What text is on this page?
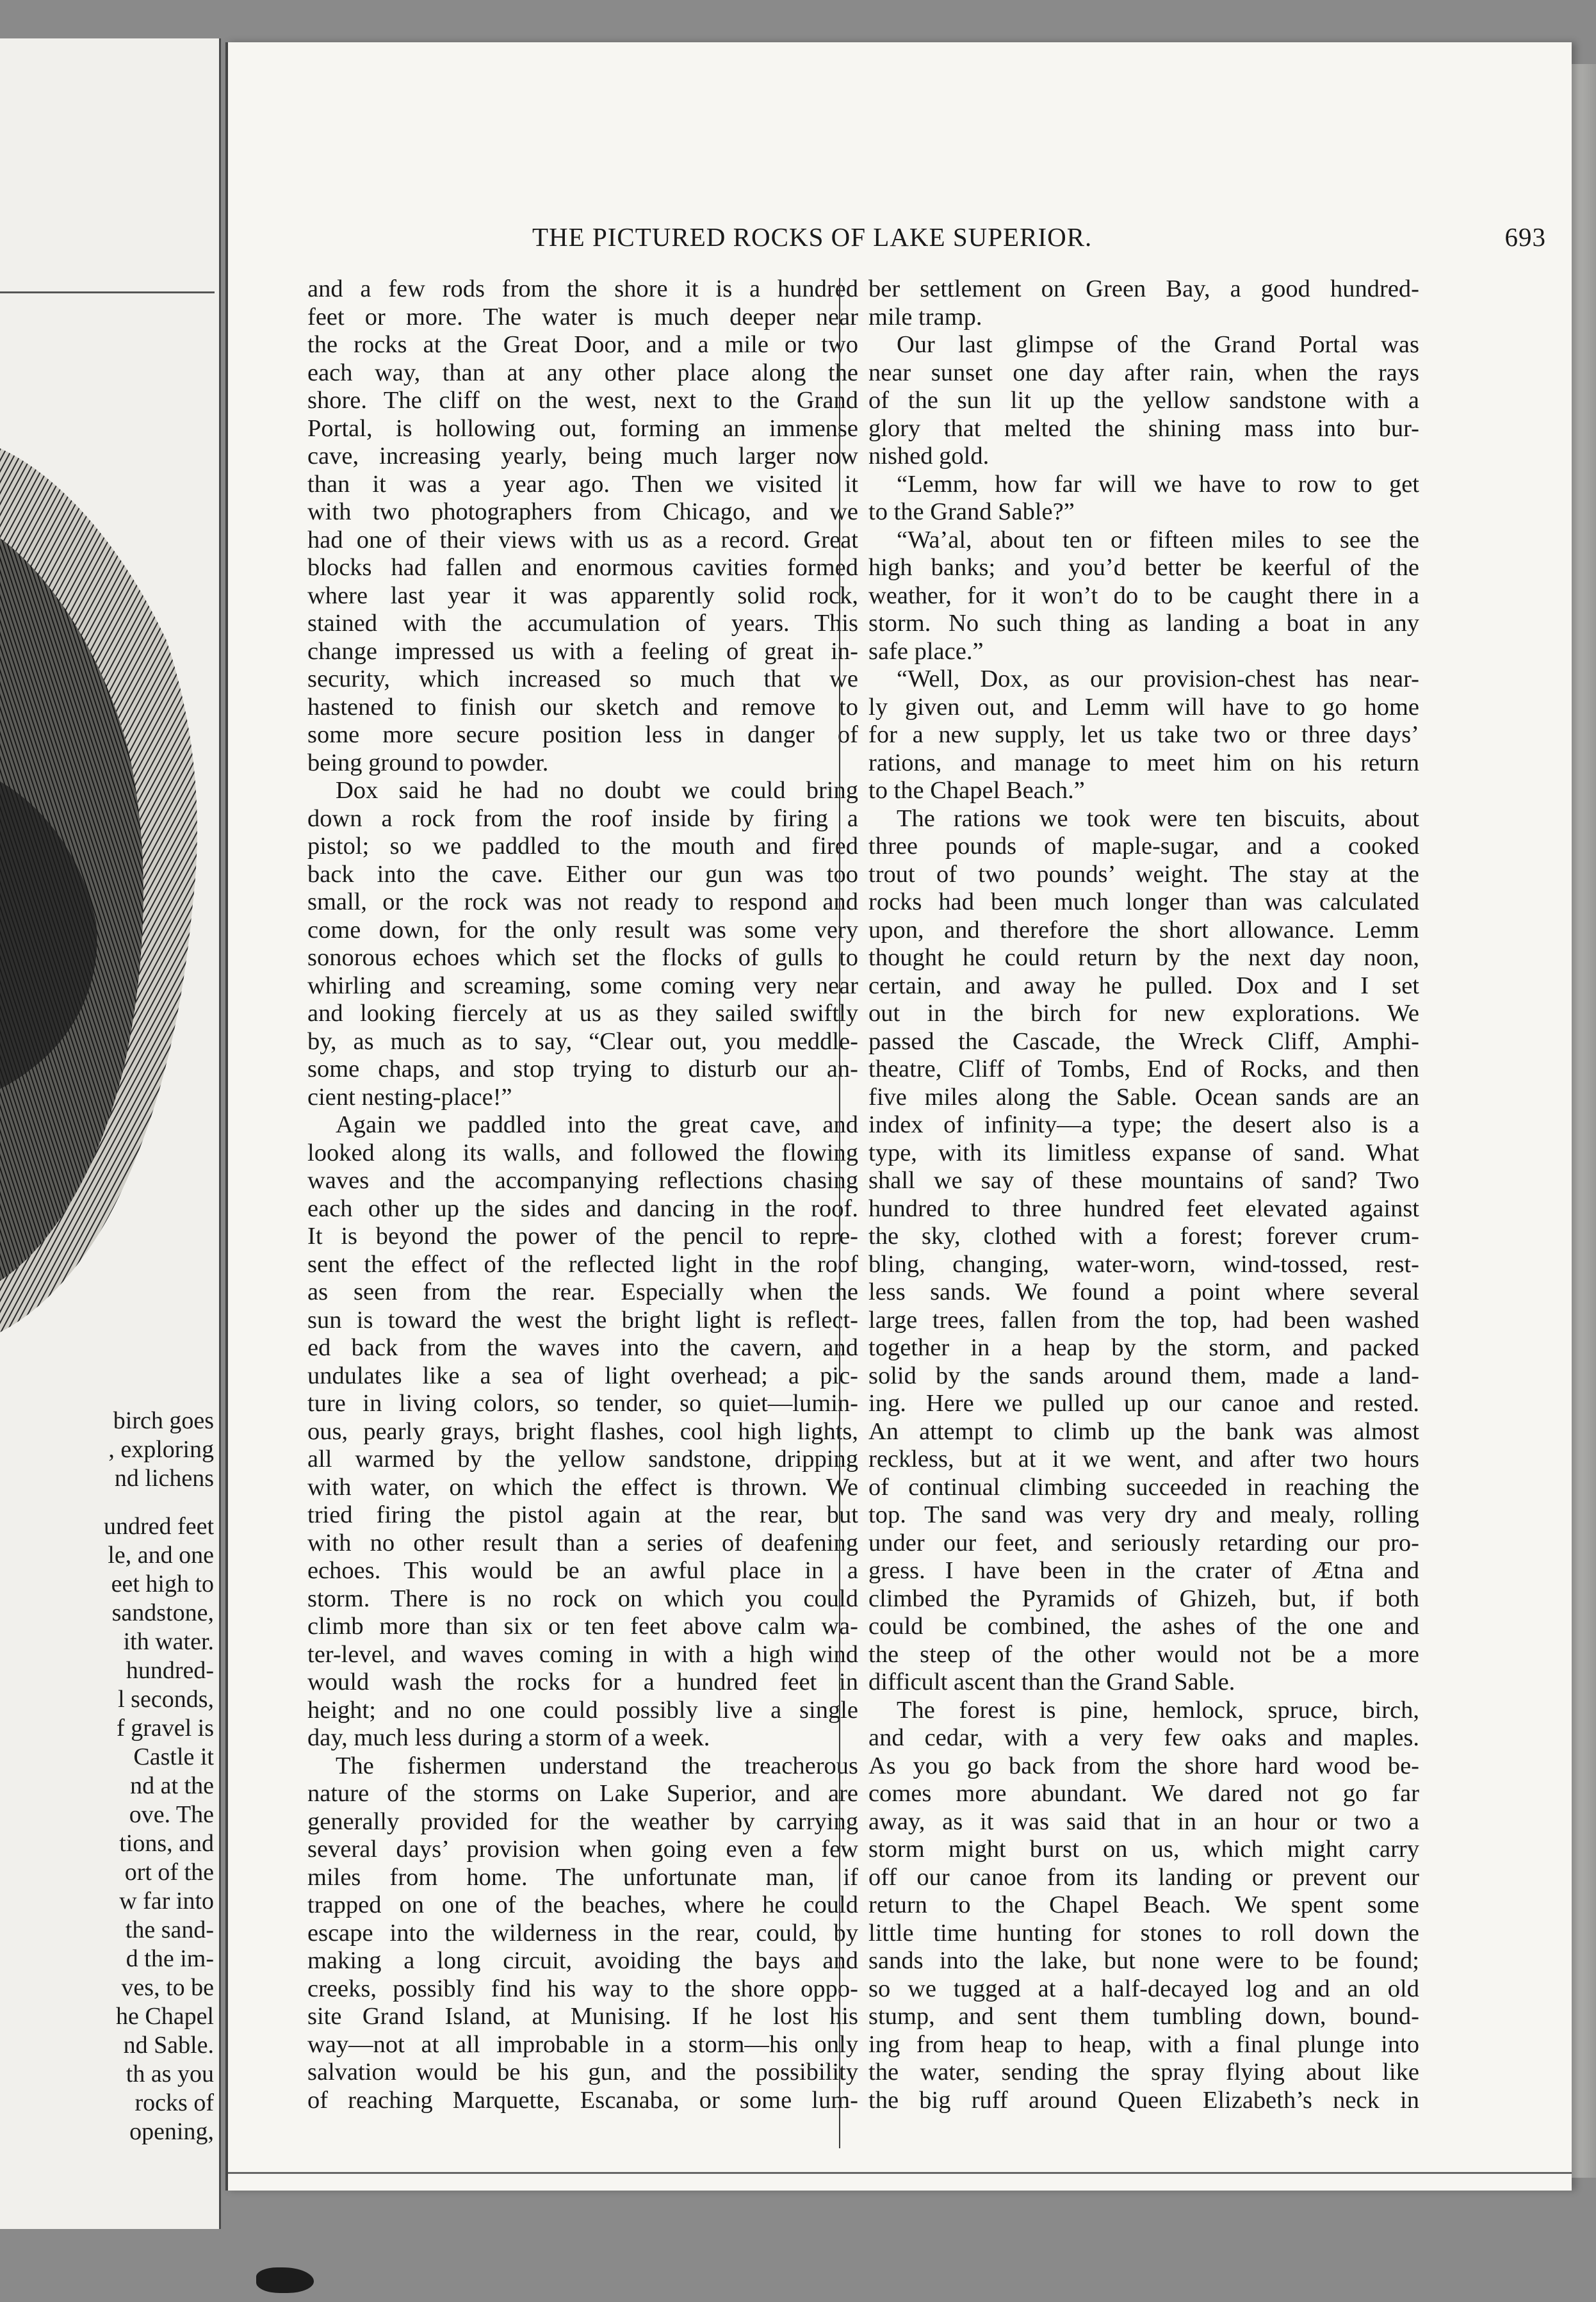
birch goes
, exploring
nd lichens
undred feet
le, and one
eet high to
sandstone,
ith water.
hundred-
l seconds,
f gravel is
Castle it
nd at the
ove. The
tions, and
ort of the
w far into
the sand-
d the im-
ves, to be
he Chapel
nd Sable.
th as you
rocks of
opening,
THE PICTURED ROCKS OF LAKE SUPERIOR.	693
and a few rods from the shore it is a hundred
feet or more. The water is much deeper near
the rocks at the Great Door, and a mile or two
each way, than at any other place along the
shore. The cliff on the west, next to the Grand
Portal, is hollowing out, forming an immense
cave, increasing yearly, being much larger now
than it was a year ago. Then we visited it
with two photographers from Chicago, and we
had one of their views with us as a record. Great
blocks had fallen and enormous cavities formed
where last year it was apparently solid rock,
stained with the accumulation of years. This
change impressed us with a feeling of great in-
security, which increased so much that we
hastened to finish our sketch and remove to
some more secure position less in danger of
being ground to powder.
Dox said he had no doubt we could bring
down a rock from the roof inside by firing a
pistol; so we paddled to the mouth and fired
back into the cave. Either our gun was too
small, or the rock was not ready to respond and
come down, for the only result was some very
sonorous echoes which set the flocks of gulls to
whirling and screaming, some coming very near
and looking fiercely at us as they sailed swiftly
by, as much as to say, “Clear out, you meddle-
some chaps, and stop trying to disturb our an-
cient nesting-place!”
Again we paddled into the great cave, and
looked along its walls, and followed the flowing
waves and the accompanying reflections chasing
each other up the sides and dancing in the roof.
It is beyond the power of the pencil to repre-
sent the effect of the reflected light in the roof
as seen from the rear. Especially when the
sun is toward the west the bright light is reflect-
ed back from the waves into the cavern, and
undulates like a sea of light overhead; a pic-
ture in living colors, so tender, so quiet—lumin-
ous, pearly grays, bright flashes, cool high lights,
all warmed by the yellow sandstone, dripping
with water, on which the effect is thrown. We
tried firing the pistol again at the rear, but
with no other result than a series of deafening
echoes. This would be an awful place in a
storm. There is no rock on which you could
climb more than six or ten feet above calm wa-
ter-level, and waves coming in with a high wind
would wash the rocks for a hundred feet in
height; and no one could possibly live a single
day, much less during a storm of a week.
The fishermen understand the treacherous
nature of the storms on Lake Superior, and are
generally provided for the weather by carrying
several days’ provision when going even a few
miles from home. The unfortunate man, if
trapped on one of the beaches, where he could
escape into the wilderness in the rear, could, by
making a long circuit, avoiding the bays and
creeks, possibly find his way to the shore oppo-
site Grand Island, at Munising. If he lost his
way—not at all improbable in a storm—his only
salvation would be his gun, and the possibility
of reaching Marquette, Escanaba, or some lum-
ber settlement on Green Bay, a good hundred-
mile tramp.
Our last glimpse of the Grand Portal was
near sunset one day after rain, when the rays
of the sun lit up the yellow sandstone with a
glory that melted the shining mass into bur-
nished gold.
“Lemm, how far will we have to row to get
to the Grand Sable?”
“Wa’al, about ten or fifteen miles to see the
high banks; and you’d better be keerful of the
weather, for it won’t do to be caught there in a
storm. No such thing as landing a boat in any
safe place.”
“Well, Dox, as our provision-chest has near-
ly given out, and Lemm will have to go home
for a new supply, let us take two or three days’
rations, and manage to meet him on his return
to the Chapel Beach.”
The rations we took were ten biscuits, about
three pounds of maple-sugar, and a cooked
trout of two pounds’ weight. The stay at the
rocks had been much longer than was calculated
upon, and therefore the short allowance. Lemm
thought he could return by the next day noon,
certain, and away he pulled. Dox and I set
out in the birch for new explorations. We
passed the Cascade, the Wreck Cliff, Amphi-
theatre, Cliff of Tombs, End of Rocks, and then
five miles along the Sable. Ocean sands are an
index of infinity—a type; the desert also is a
type, with its limitless expanse of sand. What
shall we say of these mountains of sand? Two
hundred to three hundred feet elevated against
the sky, clothed with a forest; forever crum-
bling, changing, water-worn, wind-tossed, rest-
less sands. We found a point where several
large trees, fallen from the top, had been washed
together in a heap by the storm, and packed
solid by the sands around them, made a land-
ing. Here we pulled up our canoe and rested.
An attempt to climb up the bank was almost
reckless, but at it we went, and after two hours
of continual climbing succeeded in reaching the
top. The sand was very dry and mealy, rolling
under our feet, and seriously retarding our pro-
gress. I have been in the crater of Ætna and
climbed the Pyramids of Ghizeh, but, if both
could be combined, the ashes of the one and
the steep of the other would not be a more
difficult ascent than the Grand Sable.
The forest is pine, hemlock, spruce, birch,
and cedar, with a very few oaks and maples.
As you go back from the shore hard wood be-
comes more abundant. We dared not go far
away, as it was said that in an hour or two a
storm might burst on us, which might carry
off our canoe from its landing or prevent our
return to the Chapel Beach. We spent some
little time hunting for stones to roll down the
sands into the lake, but none were to be found;
so we tugged at a half-decayed log and an old
stump, and sent them tumbling down, bound-
ing from heap to heap, with a final plunge into
the water, sending the spray flying about like
the big ruff around Queen Elizabeth’s neck in
